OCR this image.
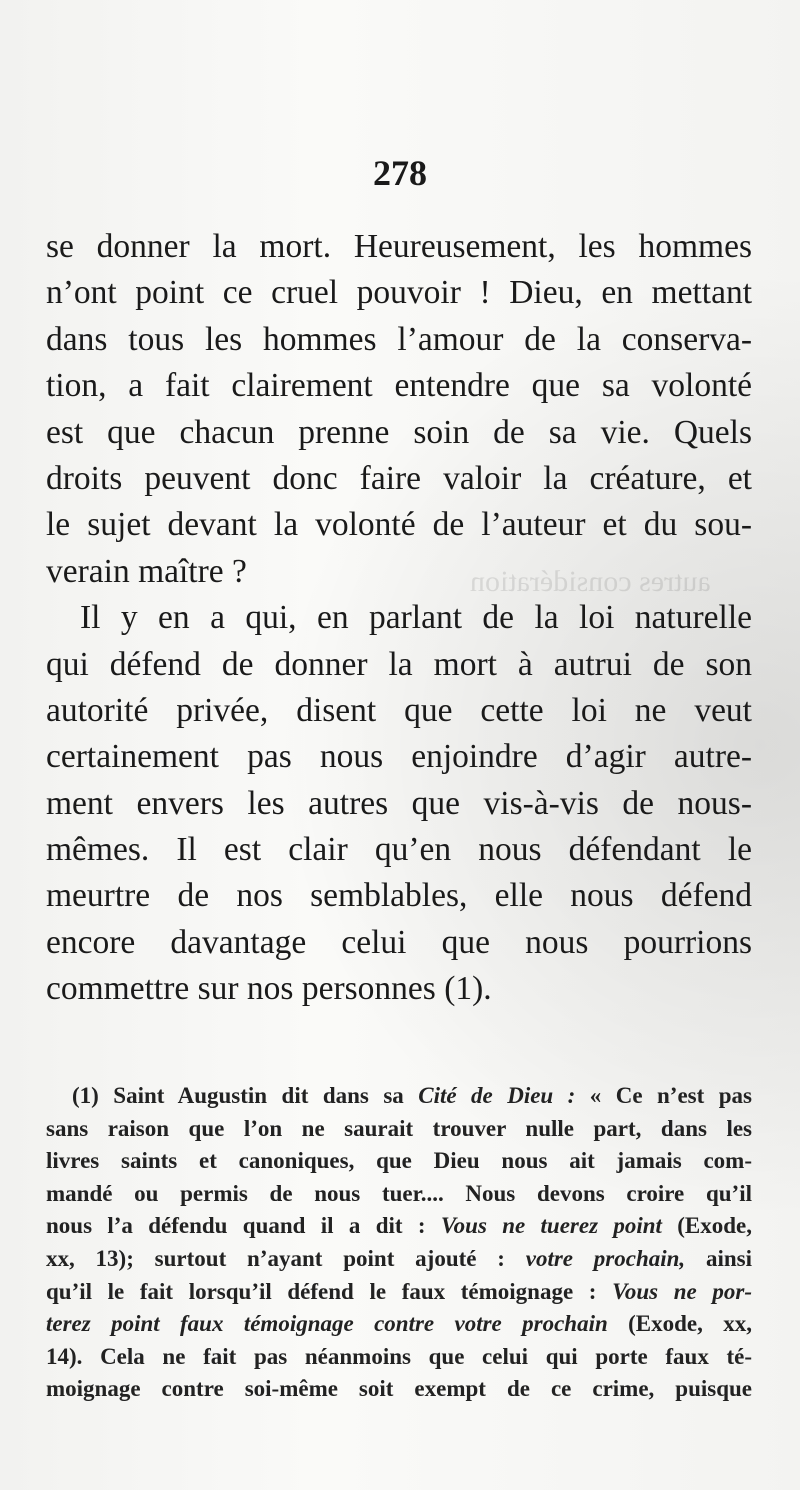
autres considération
278
se donner la mort. Heureusement, les hommes
n’ont point ce cruel pouvoir ! Dieu, en mettant
dans tous les hommes l’amour de la conserva-
tion, a fait clairement entendre que sa volonté
est que chacun prenne soin de sa vie. Quels
droits peuvent donc faire valoir la créature, et
le sujet devant la volonté de l’auteur et du sou-
verain maître ?
Il y en a qui, en parlant de la loi naturelle
qui défend de donner la mort à autrui de son
autorité privée, disent que cette loi ne veut
certainement pas nous enjoindre d’agir autre-
ment envers les autres que vis-à-vis de nous-
mêmes. Il est clair qu’en nous défendant le
meurtre de nos semblables, elle nous défend
encore davantage celui que nous pourrions
commettre sur nos personnes (1).
(1) Saint Augustin dit dans sa Cité de Dieu : « Ce n’est pas
sans raison que l’on ne saurait trouver nulle part, dans les
livres saints et canoniques, que Dieu nous ait jamais com-
mandé ou permis de nous tuer.... Nous devons croire qu’il
nous l’a défendu quand il a dit : Vous ne tuerez point (Exode,
xx, 13); surtout n’ayant point ajouté : votre prochain, ainsi
qu’il le fait lorsqu’il défend le faux témoignage : Vous ne por-
terez point faux témoignage contre votre prochain (Exode, xx,
14). Cela ne fait pas néanmoins que celui qui porte faux té-
moignage contre soi-même soit exempt de ce crime, puisque
